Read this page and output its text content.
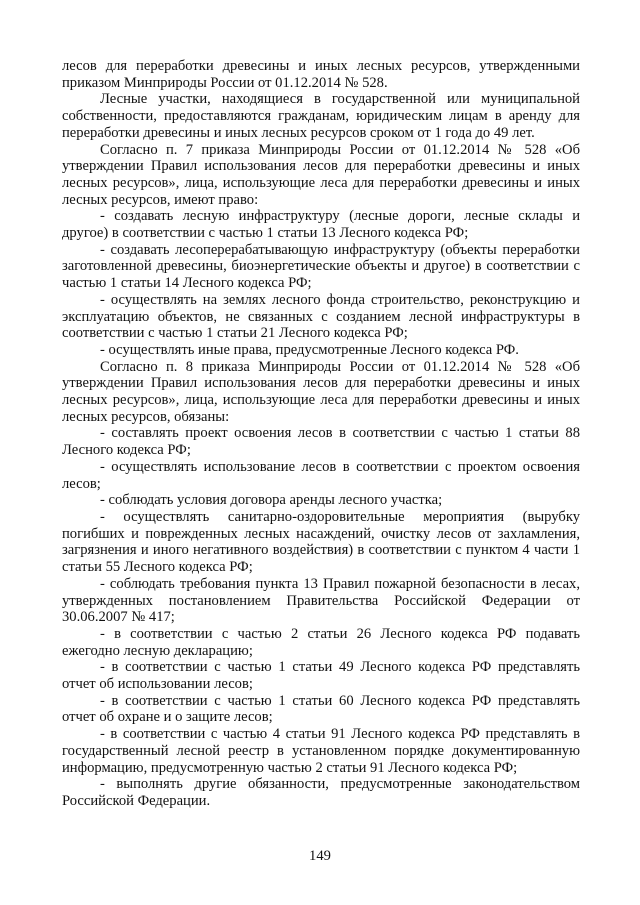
лесов для переработки древесины и иных лесных ресурсов, утвержденными приказом Минприроды России от 01.12.2014 № 528.

Лесные участки, находящиеся в государственной или муниципальной собственности, предоставляются гражданам, юридическим лицам в аренду для переработки древесины и иных лесных ресурсов сроком от 1 года до 49 лет.

Согласно п. 7 приказа Минприроды России от 01.12.2014 № 528 «Об утверждении Правил использования лесов для переработки древесины и иных лесных ресурсов», лица, использующие леса для переработки древесины и иных лесных ресурсов, имеют право:

- создавать лесную инфраструктуру (лесные дороги, лесные склады и другое) в соответствии с частью 1 статьи 13 Лесного кодекса РФ;

- создавать лесоперерабатывающую инфраструктуру (объекты переработки заготовленной древесины, биоэнергетические объекты и другое) в соответствии с частью 1 статьи 14 Лесного кодекса РФ;

- осуществлять на землях лесного фонда строительство, реконструкцию и эксплуатацию объектов, не связанных с созданием лесной инфраструктуры в соответствии с частью 1 статьи 21 Лесного кодекса РФ;

- осуществлять иные права, предусмотренные Лесного кодекса РФ.

Согласно п. 8 приказа Минприроды России от 01.12.2014 № 528 «Об утверждении Правил использования лесов для переработки древесины и иных лесных ресурсов», лица, использующие леса для переработки древесины и иных лесных ресурсов, обязаны:

- составлять проект освоения лесов в соответствии с частью 1 статьи 88 Лесного кодекса РФ;

- осуществлять использование лесов в соответствии с проектом освоения лесов;

- соблюдать условия договора аренды лесного участка;

- осуществлять санитарно-оздоровительные мероприятия (вырубку погибших и поврежденных лесных насаждений, очистку лесов от захламления, загрязнения и иного негативного воздействия) в соответствии с пунктом 4 части 1 статьи 55 Лесного кодекса РФ;

- соблюдать требования пункта 13 Правил пожарной безопасности в лесах, утвержденных постановлением Правительства Российской Федерации от 30.06.2007 № 417;

- в соответствии с частью 2 статьи 26 Лесного кодекса РФ подавать ежегодно лесную декларацию;

- в соответствии с частью 1 статьи 49 Лесного кодекса РФ представлять отчет об использовании лесов;

- в соответствии с частью 1 статьи 60 Лесного кодекса РФ представлять отчет об охране и о защите лесов;

- в соответствии с частью 4 статьи 91 Лесного кодекса РФ представлять в государственный лесной реестр в установленном порядке документированную информацию, предусмотренную частью 2 статьи 91 Лесного кодекса РФ;

- выполнять другие обязанности, предусмотренные законодательством Российской Федерации.

149
